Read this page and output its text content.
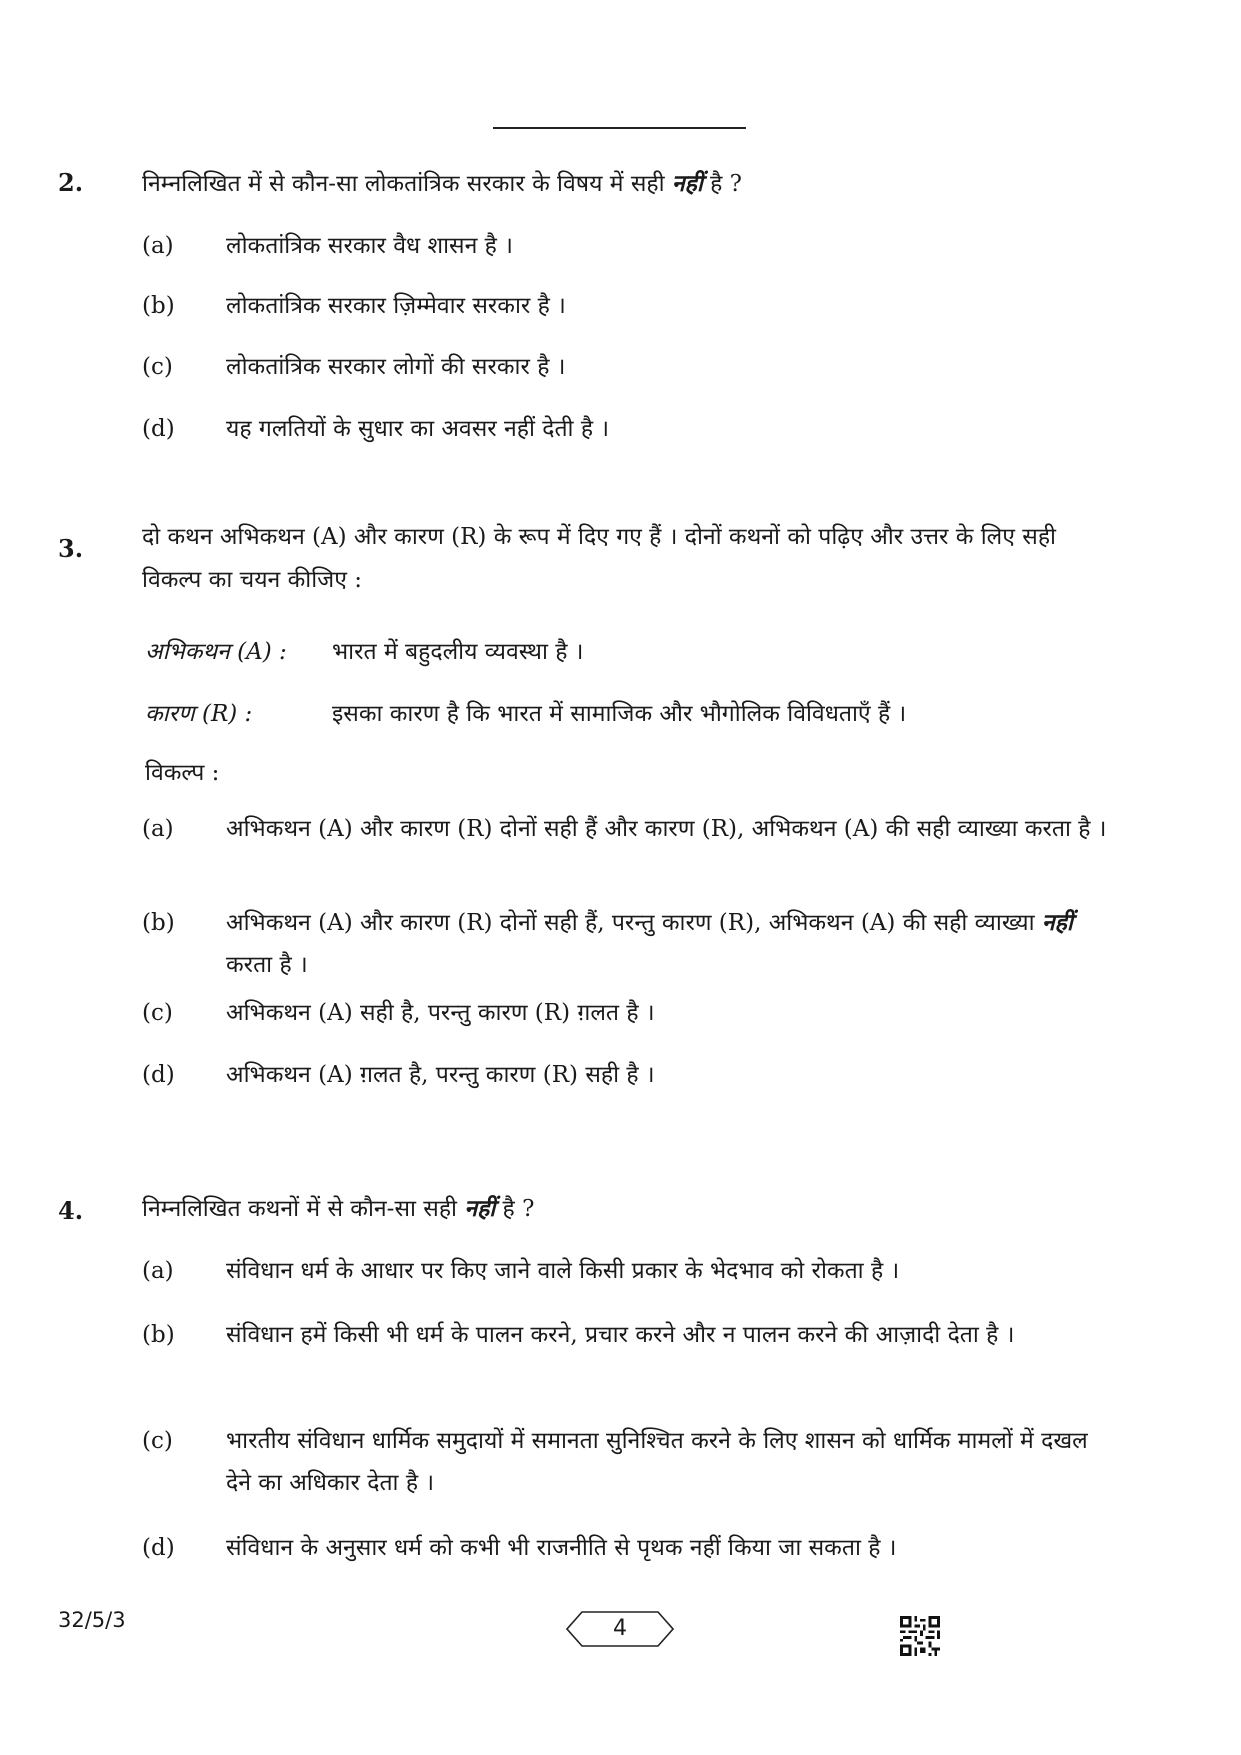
2.	निम्नलिखित में से कौन-सा लोकतांत्रिक सरकार के विषय में सही नहीं है ?
(a)	लोकतांत्रिक सरकार वैध शासन है ।
(b)	लोकतांत्रिक सरकार ज़िम्मेवार सरकार है ।
(c)	लोकतांत्रिक सरकार लोगों की सरकार है ।
(d)	यह गलतियों के सुधार का अवसर नहीं देती है ।
3.	दो कथन अभिकथन (A) और कारण (R) के रूप में दिए गए हैं । दोनों कथनों को पढ़िए और उत्तर के लिए सही विकल्प का चयन कीजिए :
अभिकथन (A) : भारत में बहुदलीय व्यवस्था है ।
कारण (R) :	इसका कारण है कि भारत में सामाजिक और भौगोलिक विविधताएँ हैं ।
विकल्प :
(a)	अभिकथन (A) और कारण (R) दोनों सही हैं और कारण (R), अभिकथन (A) की सही व्याख्या करता है ।
(b)	अभिकथन (A) और कारण (R) दोनों सही हैं, परन्तु कारण (R), अभिकथन (A) की सही व्याख्या नहीं करता है ।
(c)	अभिकथन (A) सही है, परन्तु कारण (R) ग़लत है ।
(d)	अभिकथन (A) ग़लत है, परन्तु कारण (R) सही है ।
4.	निम्नलिखित कथनों में से कौन-सा सही नहीं है ?
(a)	संविधान धर्म के आधार पर किए जाने वाले किसी प्रकार के भेदभाव को रोकता है ।
(b)	संविधान हमें किसी भी धर्म के पालन करने, प्रचार करने और न पालन करने की आज़ादी देता है ।
(c)	भारतीय संविधान धार्मिक समुदायों में समानता सुनिश्चित करने के लिए शासन को धार्मिक मामलों में दखल देने का अधिकार देता है ।
(d)	संविधान के अनुसार धर्म को कभी भी राजनीति से पृथक नहीं किया जा सकता है ।
32/5/3	4
